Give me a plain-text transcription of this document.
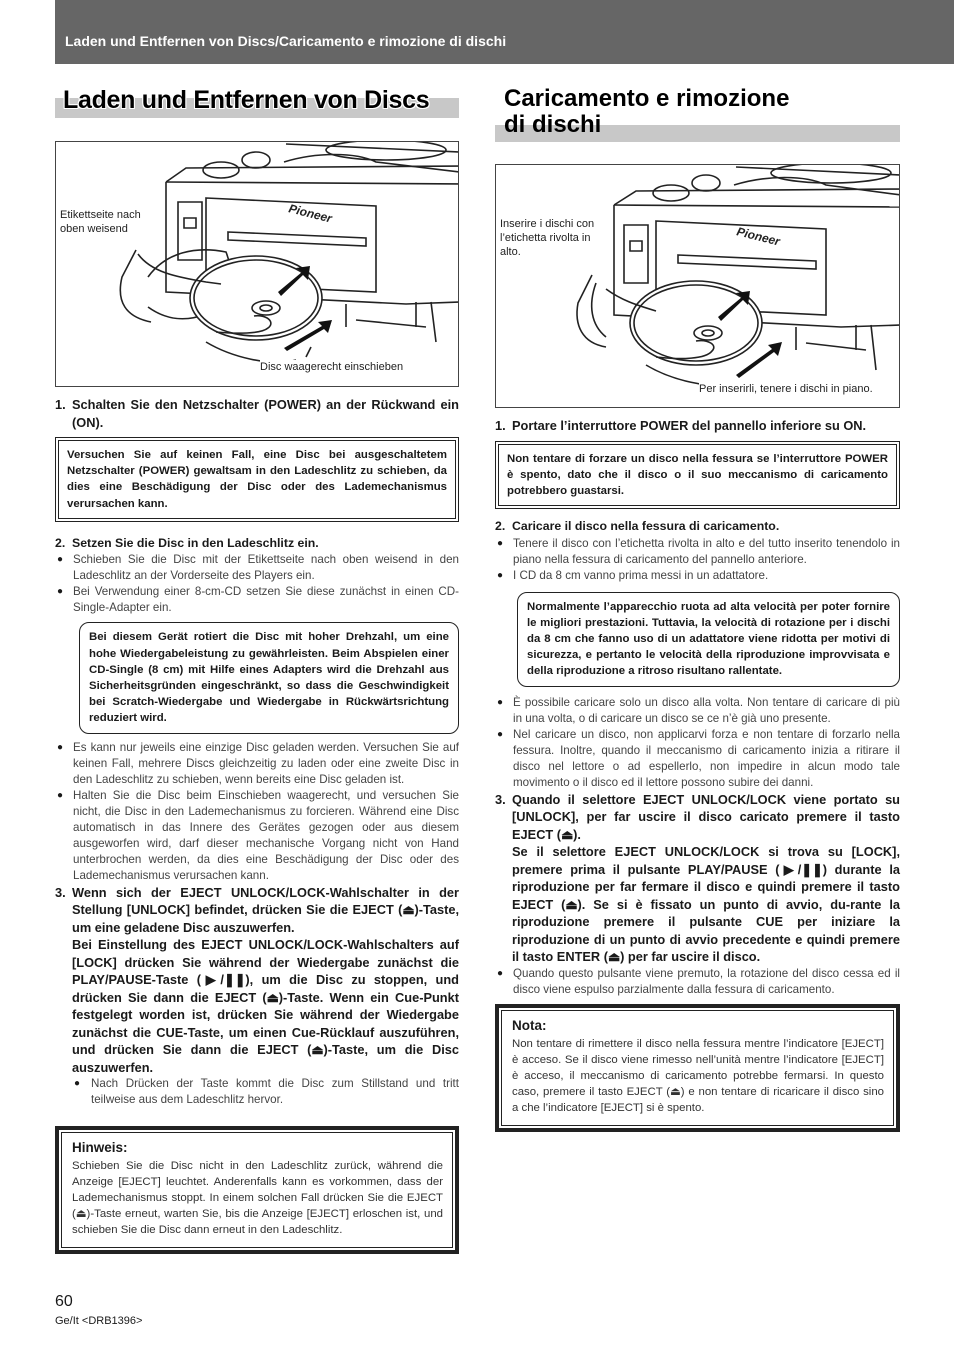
Laden und Entfernen von Discs/Caricamento e rimozione di dischi
Laden und Entfernen von Discs	Caricamento e rimozione di dischi
Pioneer
Etikettseite nach oben weisend
Disc waagerecht einschieben
1. Schalten Sie den Netzschalter (POWER) an der Rückwand ein (ON).
Versuchen Sie auf keinen Fall, eine Disc bei ausgeschaltetem Netzschalter (POWER) gewaltsam in den Ladeschlitz zu schieben, da dies eine Beschädigung der Disc oder des Lademechanismus verursachen kann.
2. Setzen Sie die Disc in den Ladeschlitz ein.
● Schieben Sie die Disc mit der Etikettseite nach oben weisend in den Ladeschlitz an der Vorderseite des Players ein.
● Bei Verwendung einer 8-cm-CD setzen Sie diese zunächst in einen CD-Single-Adapter ein.
Bei diesem Gerät rotiert die Disc mit hoher Drehzahl, um eine hohe Wiedergabeleistung zu gewährleisten. Beim Abspielen einer CD-Single (8 cm) mit Hilfe eines Adapters wird die Drehzahl aus Sicherheitsgründen eingeschränkt, so dass die Geschwindigkeit bei Scratch-Wiedergabe und Wiedergabe in Rückwärtsrichtung reduziert wird.
● Es kann nur jeweils eine einzige Disc geladen werden. Versuchen Sie auf keinen Fall, mehrere Discs gleichzeitig zu laden oder eine zweite Disc in den Ladeschlitz zu schieben, wenn bereits eine Disc geladen ist.
● Halten Sie die Disc beim Einschieben waagerecht, und versuchen Sie nicht, die Disc in den Lademechanismus zu forcieren. Während eine Disc automatisch in das Innere des Gerätes gezogen oder aus diesem ausgeworfen wird, darf dieser mechanische Vorgang nicht von Hand unterbrochen werden, da dies eine Beschädigung der Disc oder des Lademechanismus verursachen kann.
3. Wenn sich der EJECT UNLOCK/LOCK-Wahlschalter in der Stellung [UNLOCK] befindet, drücken Sie die EJECT (⏏)-Taste, um eine geladene Disc auszuwerfen.
Bei Einstellung des EJECT UNLOCK/LOCK-Wahlschalters auf [LOCK] drücken Sie während der Wiedergabe zunächst die PLAY/PAUSE-Taste (▶/❚❚), um die Disc zu stoppen, und drücken Sie dann die EJECT (⏏)-Taste. Wenn ein Cue-Punkt festgelegt worden ist, drücken Sie während der Wiedergabe zunächst die CUE-Taste, um einen Cue-Rücklauf auszuführen, und drücken Sie dann die EJECT (⏏)-Taste, um die Disc auszuwerfen.
● Nach Drücken der Taste kommt die Disc zum Stillstand und tritt teilweise aus dem Ladeschlitz hervor.
Hinweis:
Schieben Sie die Disc nicht in den Ladeschlitz zurück, während die Anzeige [EJECT] leuchtet. Anderenfalls kann es vorkommen, dass der Lademechanismus stoppt. In einem solchen Fall drücken Sie die EJECT (⏏)-Taste erneut, warten Sie, bis die Anzeige [EJECT] erloschen ist, und schieben Sie die Disc dann erneut in den Ladeschlitz.
Pioneer
Inserire i dischi con l’etichetta rivolta in alto.
Per inserirli, tenere i dischi in piano.
1. Portare l’interruttore POWER del pannello inferiore su ON.
Non tentare di forzare un disco nella fessura se l’interruttore POWER è spento, dato che il disco o il suo meccanismo di caricamento potrebbero guastarsi.
2. Caricare il disco nella fessura di caricamento.
● Tenere il disco con l’etichetta rivolta in alto e del tutto inserito tenendolo in piano nella fessura di caricamento del pannello anteriore.
● I CD da 8 cm vanno prima messi in un adattatore.
Normalmente l’apparecchio ruota ad alta velocità per poter fornire le migliori prestazioni. Tuttavia, la velocità di rotazione per i dischi da 8 cm che fanno uso di un adattatore viene ridotta per motivi di sicurezza, e pertanto le velocità della riproduzione improvvisata e della riproduzione a ritroso risultano rallentate.
● È possibile caricare solo un disco alla volta. Non tentare di caricare di più in una volta, o di caricare un disco se ce n’è già uno presente.
● Nel caricare un disco, non applicarvi forza e non tentare di forzarlo nella fessura. Inoltre, quando il meccanismo di caricamento inizia a ritirare il disco nel lettore o ad espellerlo, non impedire in alcun modo tale movimento o il disco ed il lettore possono subire dei danni.
3. Quando il selettore EJECT UNLOCK/LOCK viene portato su [UNLOCK], per far uscire il disco caricato premere il tasto EJECT (⏏).
Se il selettore EJECT UNLOCK/LOCK si trova su [LOCK], premere prima il pulsante PLAY/PAUSE (▶/❚❚) durante la riproduzione per far fermare il disco e quindi premere il tasto EJECT (⏏). Se si è fissato un punto di avvio, du-rante la riproduzione premere il pulsante CUE per iniziare la riproduzione di un punto di avvio precedente e quindi premere il tasto ENTER (⏏) per far uscire il disco.
● Quando questo pulsante viene premuto, la rotazione del disco cessa ed il disco viene espulso parzialmente dalla fessura di caricamento.
Nota:
Non tentare di rimettere il disco nella fessura mentre l’indicatore [EJECT] è acceso. Se il disco viene rimesso nell’unità mentre l’indicatore [EJECT] è acceso, il meccanismo di caricamento potrebbe fermarsi. In questo caso, premere il tasto EJECT (⏏) e non tentare di ricaricare il disco sino a che l’indicatore [EJECT] si è spento.
60
Ge/It <DRB1396>
